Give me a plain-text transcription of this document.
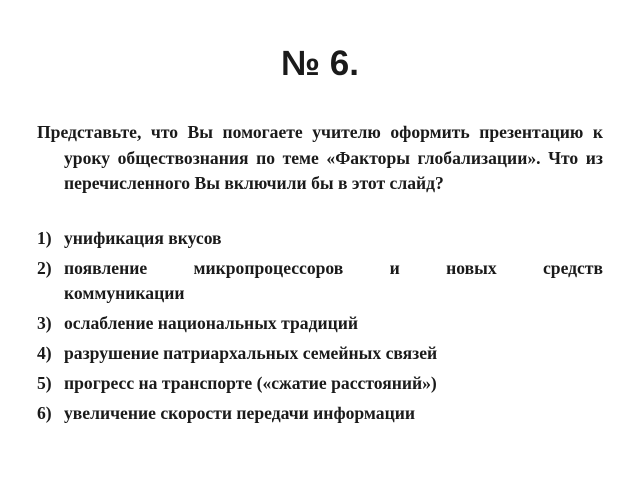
№ 6.
Представьте, что Вы помогаете учителю оформить презентацию к уроку обществознания по теме «Факторы глобализации». Что из перечисленного Вы включили бы в этот слайд?
1) унификация вкусов
2) появление микропроцессоров и новых средств
коммуникации
3) ослабление национальных традиций
4) разрушение патриархальных семейных связей
5) прогресс на транспорте («сжатие расстояний»)
6) увеличение скорости передачи информации
